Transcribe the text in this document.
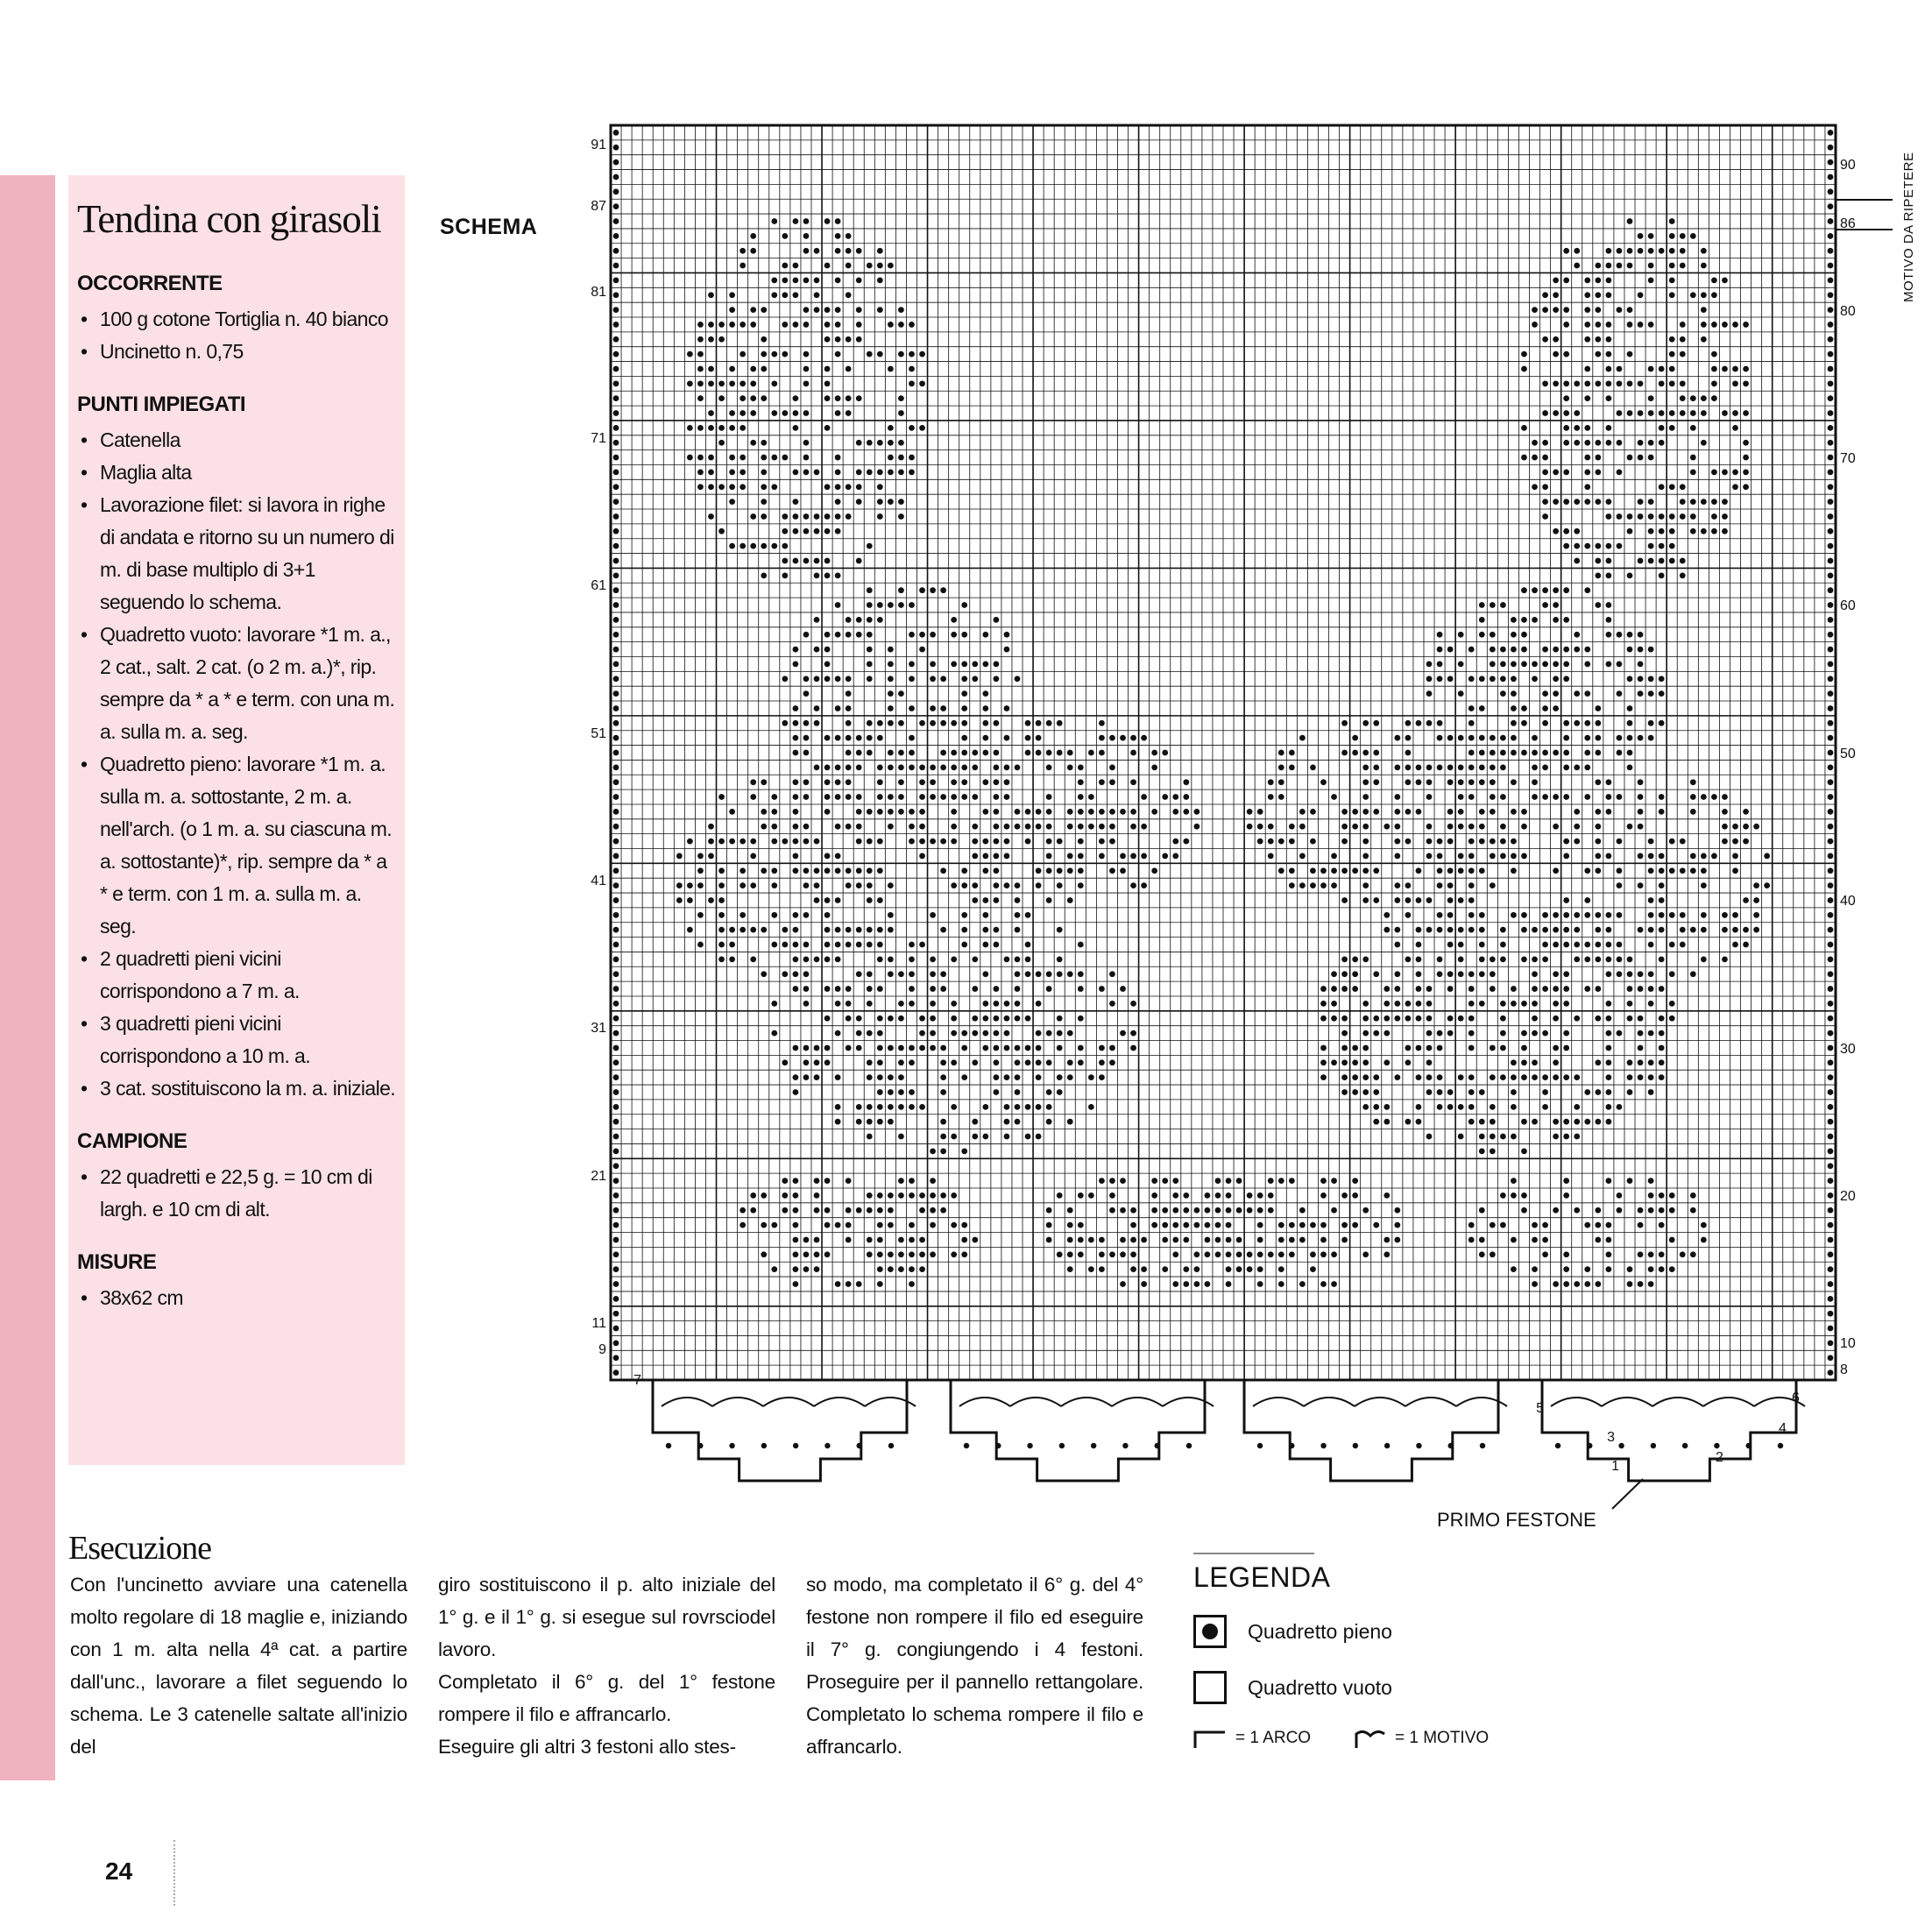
Tendina con girasoli
OCCORRENTE
• 100 g cotone Tortiglia n. 40 bianco
• Uncinetto n. 0,75
PUNTI IMPIEGATI
• Catenella
• Maglia alta
• Lavorazione filet: si lavora in righe di andata e ritorno su un numero di m. di base multiplo di 3+1 seguendo lo schema.
• Quadretto vuoto: lavorare *1 m. a., 2 cat., salt. 2 cat. (o 2 m. a.)*, rip. sempre da * a * e term. con una m. a. sulla m. a. seg.
• Quadretto pieno: lavorare *1 m. a. sulla m. a. sottostante, 2 m. a. nell'arch. (o 1 m. a. su ciascuna m. a. sottostante)*, rip. sempre da * a * e term. con 1 m. a. sulla m. a. seg.
• 2 quadretti pieni vicini corrispondono a 7 m. a.
• 3 quadretti pieni vicini corrispondono a 10 m. a.
• 3 cat. sostituiscono la m. a. iniziale.
CAMPIONE
• 22 quadretti e 22,5 g. = 10 cm di largh. e 10 cm di alt.
MISURE
• 38x62 cm
SCHEMA
91
87
81
71
61
51
41
31
21
11
9
7
5
3
1
90
86
80
70
60
50
40
30
20
10
8
6
4
2
MOTIVO DA RIPETERE
PRIMO FESTONE
Esecuzione

Con l'uncinetto avviare una catenella molto regolare di 18 maglie e, iniziando con 1 m. alta nella 4ª cat. a partire dall'unc., lavorare a filet seguendo lo schema. Le 3 catenelle saltate all'inizio del

giro sostituiscono il p. alto iniziale del 1° g. e il 1° g. si esegue sul rovrsciodel lavoro.

Completato il 6° g. del 1° festone rompere il filo e affrancarlo.

Eseguire gli altri 3 festoni allo stes-

so modo, ma completato il 6° g. del 4° festone non rompere il filo ed eseguire il 7° g. congiungendo i 4 festoni. Proseguire per il pannello rettangolare. Completato lo schema rompere il filo e affrancarlo.

LEGENDA
Quadretto pieno
Quadretto vuoto
= 1 ARCO	= 1 MOTIVO
24
